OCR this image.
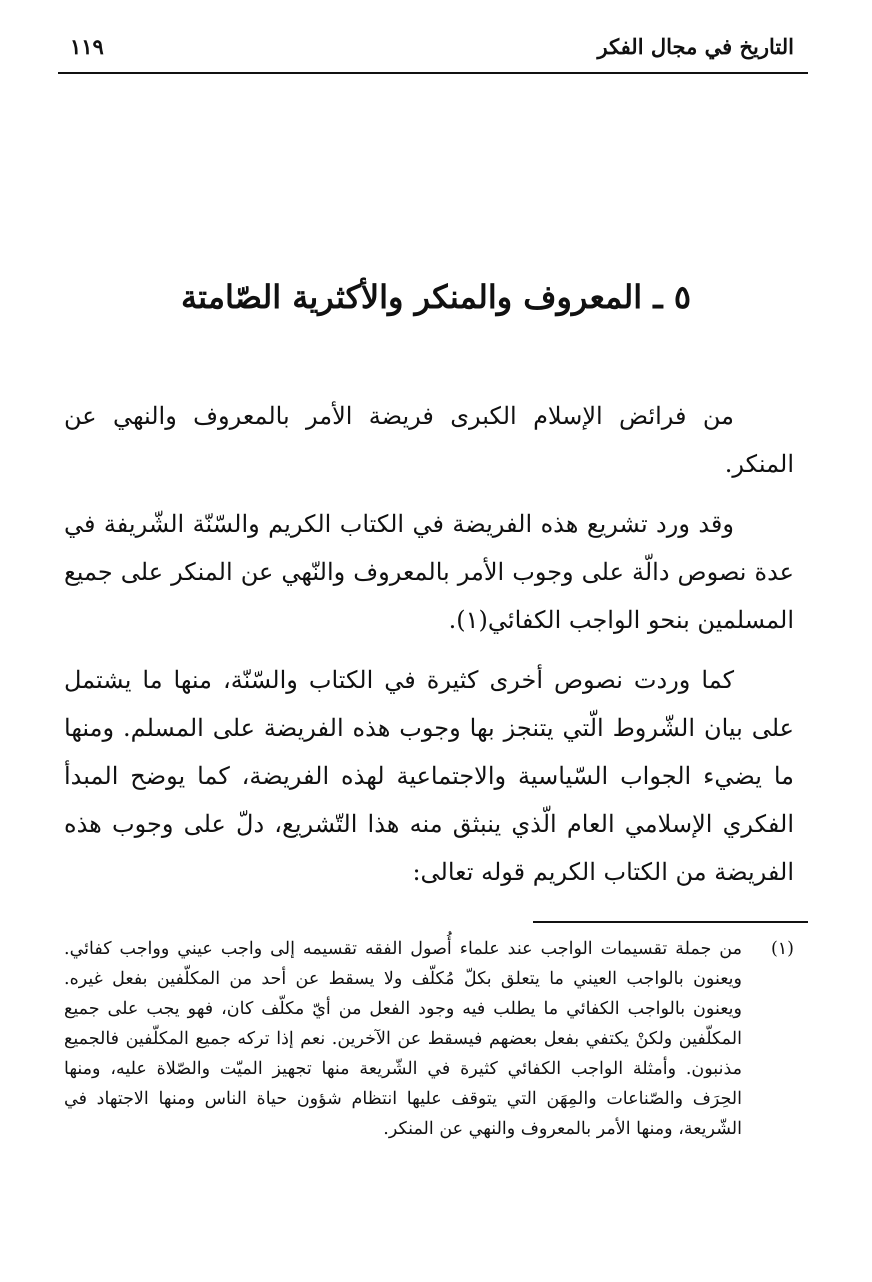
التاريخ في مجال الفكر

١١٩

٥ ـ المعروف والمنكر والأكثرية الصّامتة

من فرائض الإسلام الكبرى فريضة الأمر بالمعروف والنهي عن المنكر.

وقد ورد تشريع هذه الفريضة في الكتاب الكريم والسّنّة الشّريفة في عدة نصوص دالّة على وجوب الأمر بالمعروف والنّهي عن المنكر على جميع المسلمين بنحو الواجب الكفائي(١).

كما وردت نصوص أخرى كثيرة في الكتاب والسّنّة، منها ما يشتمل على بيان الشّروط الّتي يتنجز بها وجوب هذه الفريضة على المسلم. ومنها ما يضيء الجواب السّياسية والاجتماعية لهذه الفريضة، كما يوضح المبدأ الفكري الإسلامي العام الّذي ينبثق منه هذا التّشريع، دلّ على وجوب هذه الفريضة من الكتاب الكريم قوله تعالى:

(١)
من جملة تقسيمات الواجب عند علماء أُصول الفقه تقسيمه إلى واجب عيني وواجب كفائي. ويعنون بالواجب العيني ما يتعلق بكلّ مُكلّف ولا يسقط عن أحد من المكلّفين بفعل غيره. ويعنون بالواجب الكفائي ما يطلب فيه وجود الفعل من أيّ مكلّف كان، فهو يجب على جميع المكلّفين ولكنْ يكتفي بفعل بعضهم فيسقط عن الآخرين. نعم إذا تركه جميع المكلّفين فالجميع مذنبون. وأمثلة الواجب الكفائي كثيرة في الشّريعة منها تجهيز الميّت والصّلاة عليه، ومنها الحِرَف والصّناعات والمِهَن التي يتوقف عليها انتظام شؤون حياة الناس ومنها الاجتهاد في الشّريعة، ومنها الأمر بالمعروف والنهي عن المنكر.
